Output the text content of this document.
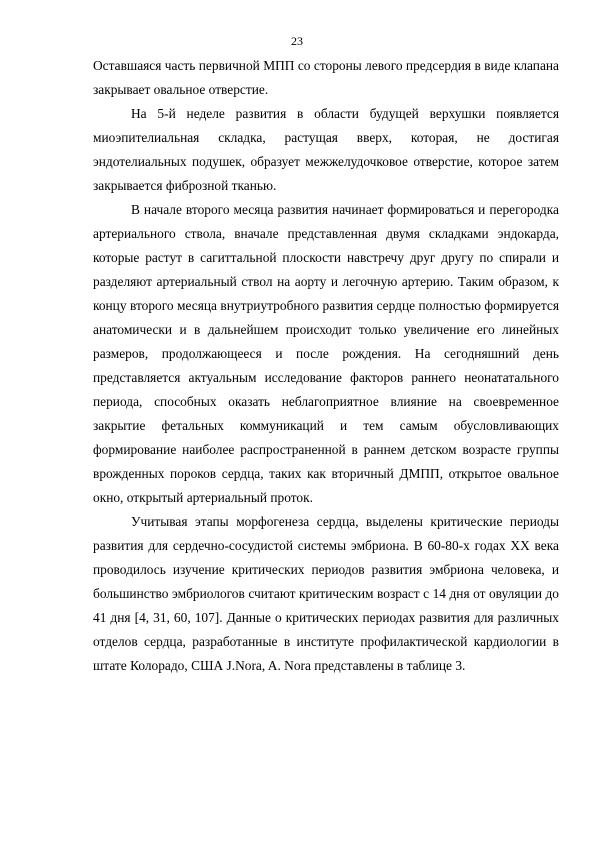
23

Оставшаяся часть первичной МПП со стороны левого предсердия в виде клапана закрывает овальное отверстие.

На 5-й неделе развития в области будущей верхушки появляется миоэпителиальная складка, растущая вверх, которая, не достигая эндотелиальных подушек, образует межжелудочковое отверстие, которое затем закрывается фиброзной тканью.

В начале второго месяца развития начинает формироваться и перегородка артериального ствола, вначале представленная двумя складками эндокарда, которые растут в сагиттальной плоскости навстречу друг другу по спирали и разделяют артериальный ствол на аорту и легочную артерию. Таким образом, к концу второго месяца внутриутробного развития сердце полностью формируется анатомически и в дальнейшем происходит только увеличение его линейных размеров, продолжающееся и после рождения. На сегодняшний день представляется актуальным исследование факторов раннего неонататального периода, способных оказать неблагоприятное влияние на своевременное закрытие фетальных коммуникаций и тем самым обусловливающих формирование наиболее распространенной в раннем детском возрасте группы врожденных пороков сердца, таких как вторичный ДМПП, открытое овальное окно, открытый артериальный проток.

Учитывая этапы морфогенеза сердца, выделены критические периоды развития для сердечно-сосудистой системы эмбриона. В 60-80-х годах XX века проводилось изучение критических периодов развития эмбриона человека, и большинство эмбриологов считают критическим возраст с 14 дня от овуляции до 41 дня [4, 31, 60, 107]. Данные о критических периодах развития для различных отделов сердца, разработанные в институте профилактической кардиологии в штате Колорадо, США J.Nora, A. Nora представлены в таблице 3.
